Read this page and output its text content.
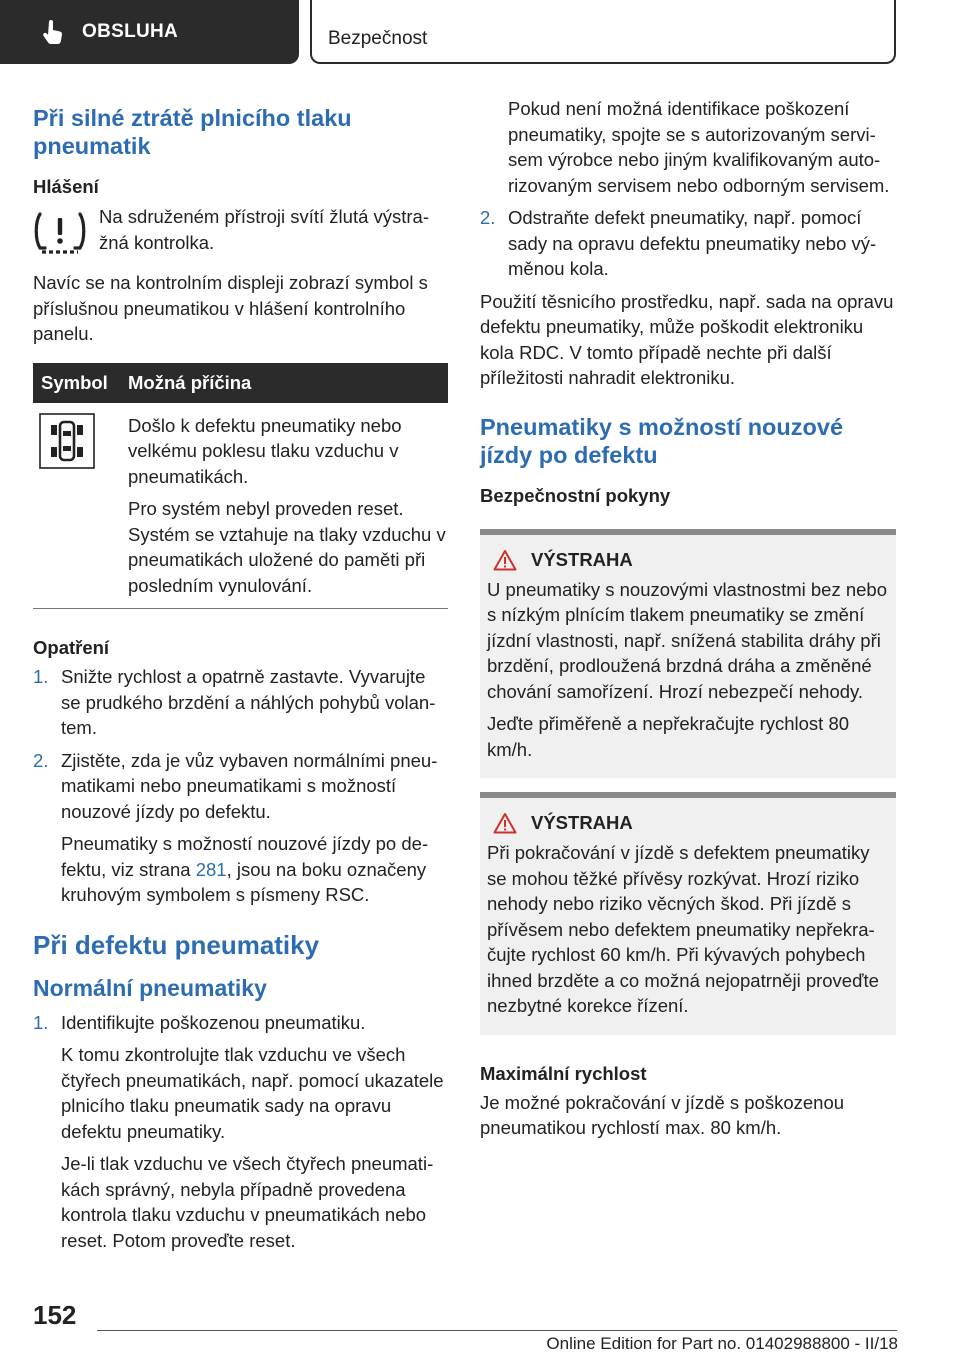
OBSLUHA	Bezpečnost
Při silné ztrátě plnicího tlaku pneumatik
Hlášení
Na sdruženém přístroji svítí žlutá výstražná kontrolka.

Navíc se na kontrolním displeji zobrazí symbol s příslušnou pneumatikou v hlášení kontrolního panelu.

Symbol	Možná příčina

Došlo k defektu pneumatiky nebo velkému poklesu tlaku vzduchu v pneumatikách.

Pro systém nebyl proveden reset. Systém se vztahuje na tlaky vzduchu v pneumatikách uložené do paměti při posledním vynulování.

Opatření
1. Snižte rychlost a opatrně zastavte. Vyvarujte se prudkého brzdění a náhlých pohybů volantem.
2. Zjistěte, zda je vůz vybaven normálními pneumatikami nebo pneumatikami s možností nouzové jízdy po defektu.
Pneumatiky s možností nouzové jízdy po defektu, viz strana 281, jsou na boku označeny kruhovým symbolem s písmeny RSC.
Při defektu pneumatiky
Normální pneumatiky
1. Identifikujte poškozenou pneumatiku.
K tomu zkontrolujte tlak vzduchu ve všech čtyřech pneumatikách, např. pomocí ukazatele plnicího tlaku pneumatik sady na opravu defektu pneumatiky.
Je-li tlak vzduchu ve všech čtyřech pneumatikách správný, nebyla případně provedena kontrola tlaku vzduchu v pneumatikách nebo reset. Potom proveďte reset.
Pokud není možná identifikace poškození pneumatiky, spojte se s autorizovaným servisem výrobce nebo jiným kvalifikovaným autorizovaným servisem nebo odborným servisem.
2. Odstraňte defekt pneumatiky, např. pomocí sady na opravu defektu pneumatiky nebo výměnou kola.

Použití těsnicího prostředku, např. sada na opravu defektu pneumatiky, může poškodit elektroniku kola RDC. V tomto případě nechte při další příležitosti nahradit elektroniku.

Pneumatiky s možností nouzové jízdy po defektu
Bezpečnostní pokyny
VÝSTRAHA

U pneumatiky s nouzovými vlastnostmi bez nebo s nízkým plnícím tlakem pneumatiky se změní jízdní vlastnosti, např. snížená stabilita dráhy při brzdění, prodloužená brzdná dráha a změněné chování samořízení. Hrozí nebezpečí nehody.

Jeďte přiměřeně a nepřekračujte rychlost 80 km/h.

VÝSTRAHA

Při pokračování v jízdě s defektem pneumatiky se mohou těžké přívěsy rozkývat. Hrozí riziko nehody nebo riziko věcných škod. Při jízdě s přívěsem nebo defektem pneumatiky nepřekračujte rychlost 60 km/h. Při kývavých pohybech ihned brzděte a co možná nejopatrněji proveďte nezbytné korekce řízení.

Maximální rychlost

Je možné pokračování v jízdě s poškozenou pneumatikou rychlostí max. 80 km/h.

152
Online Edition for Part no. 01402988800 - II/18
